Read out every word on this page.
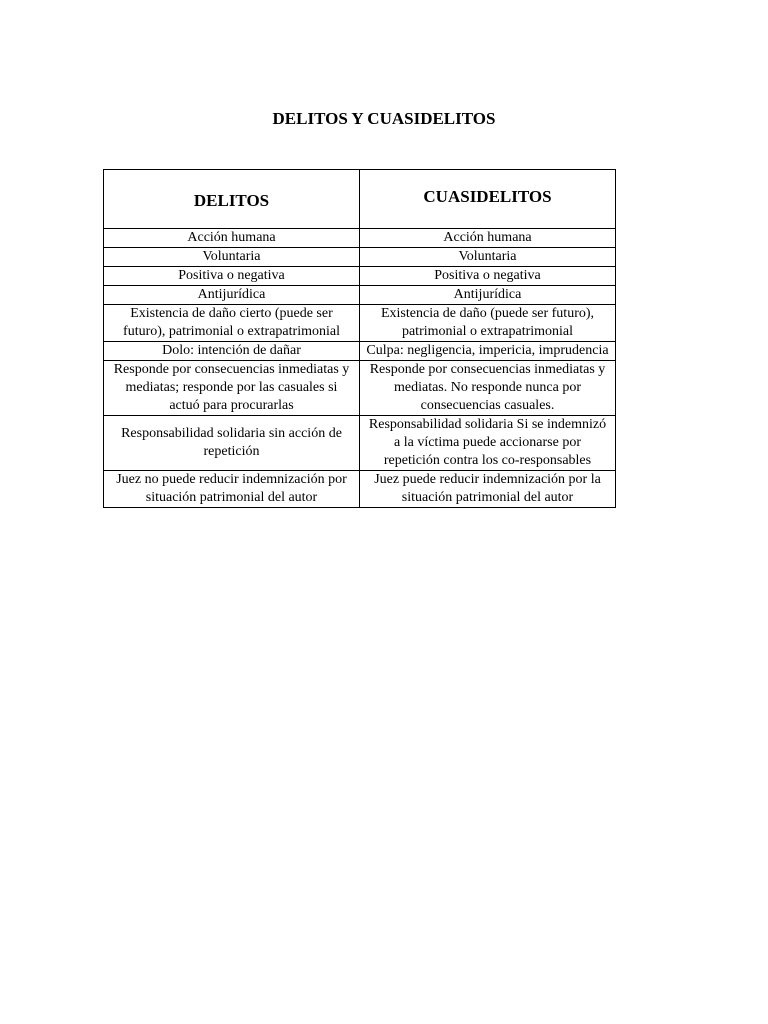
DELITOS Y CUASIDELITOS
DELITOS	CUASIDELITOS
Acción humana	Acción humana
Voluntaria	Voluntaria
Positiva o negativa	Positiva o negativa
Antijurídica	Antijurídica
Existencia de daño cierto (puede ser futuro), patrimonial o extrapatrimonial	Existencia de daño (puede ser futuro), patrimonial o extrapatrimonial
Dolo: intención de dañar	Culpa: negligencia, impericia, imprudencia
Responde por consecuencias inmediatas y mediatas; responde por las casuales si actuó para procurarlas	Responde por consecuencias inmediatas y mediatas. No responde nunca por consecuencias casuales.
Responsabilidad solidaria sin acción de repetición	Responsabilidad solidaria Si se indemnizó a la víctima puede accionarse por repetición contra los co-responsables
Juez no puede reducir indemnización por situación patrimonial del autor	Juez puede reducir indemnización por la situación patrimonial del autor
